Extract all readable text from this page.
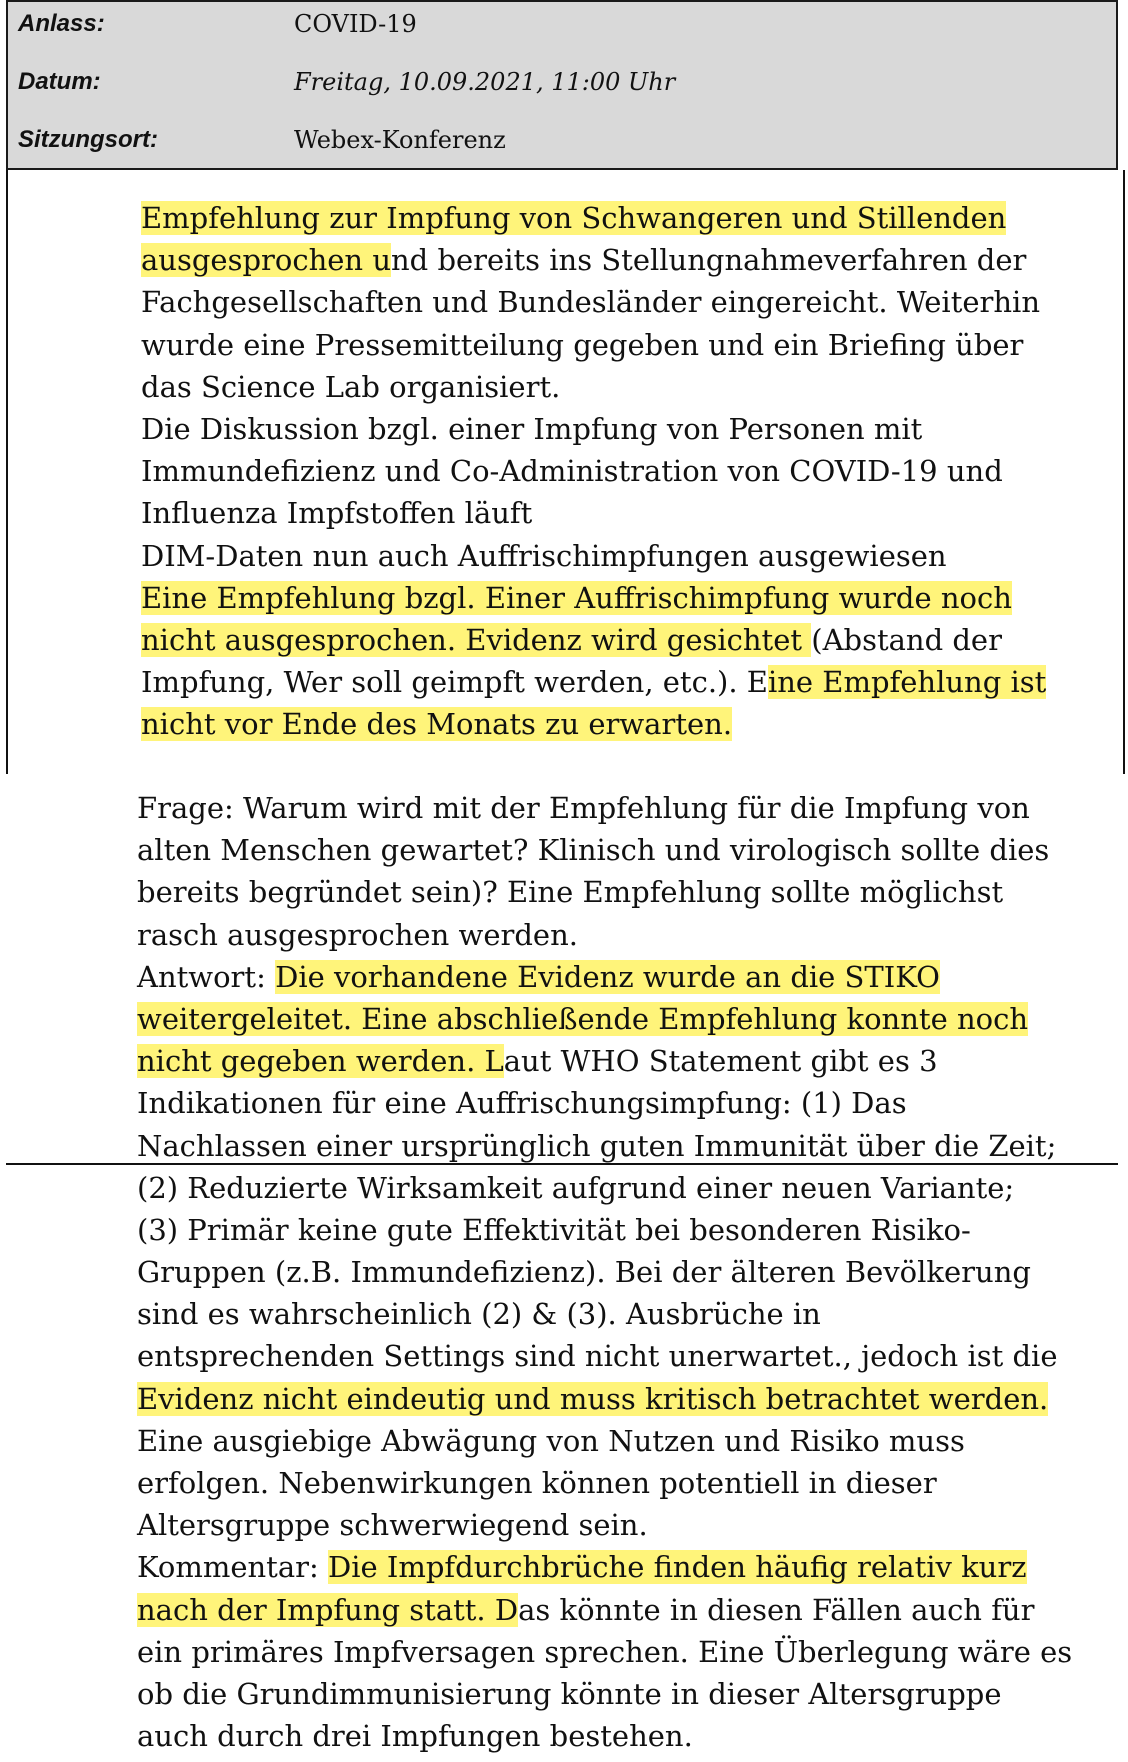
Anlass:	COVID-19
Datum:	Freitag, 10.09.2021, 11:00 Uhr
Sitzungsort:	Webex-Konferenz
Empfehlung zur Impfung von Schwangeren und Stillenden
ausgesprochen und bereits ins Stellungnahmeverfahren der
Fachgesellschaften und Bundesländer eingereicht. Weiterhin
wurde eine Pressemitteilung gegeben und ein Briefing über
das Science Lab organisiert.
Die Diskussion bzgl. einer Impfung von Personen mit
Immundefizienz und Co-Administration von COVID-19 und
Influenza Impfstoffen läuft
DIM-Daten nun auch Auffrischimpfungen ausgewiesen
Eine Empfehlung bzgl. Einer Auffrischimpfung wurde noch
nicht ausgesprochen. Evidenz wird gesichtet (Abstand der
Impfung, Wer soll geimpft werden, etc.). Eine Empfehlung ist
nicht vor Ende des Monats zu erwarten.
Frage: Warum wird mit der Empfehlung für die Impfung von
alten Menschen gewartet? Klinisch und virologisch sollte dies
bereits begründet sein)? Eine Empfehlung sollte möglichst
rasch ausgesprochen werden.
Antwort: Die vorhandene Evidenz wurde an die STIKO
weitergeleitet. Eine abschließende Empfehlung konnte noch
nicht gegeben werden. Laut WHO Statement gibt es 3
Indikationen für eine Auffrischungsimpfung: (1) Das
Nachlassen einer ursprünglich guten Immunität über die Zeit;
(2) Reduzierte Wirksamkeit aufgrund einer neuen Variante;
(3) Primär keine gute Effektivität bei besonderen Risiko-
Gruppen (z.B. Immundefizienz). Bei der älteren Bevölkerung
sind es wahrscheinlich (2) & (3). Ausbrüche in
entsprechenden Settings sind nicht unerwartet., jedoch ist die
Evidenz nicht eindeutig und muss kritisch betrachtet werden.
Eine ausgiebige Abwägung von Nutzen und Risiko muss
erfolgen. Nebenwirkungen können potentiell in dieser
Altersgruppe schwerwiegend sein.
Kommentar: Die Impfdurchbrüche finden häufig relativ kurz
nach der Impfung statt. Das könnte in diesen Fällen auch für
ein primäres Impfversagen sprechen. Eine Überlegung wäre es
ob die Grundimmunisierung könnte in dieser Altersgruppe
auch durch drei Impfungen bestehen.
